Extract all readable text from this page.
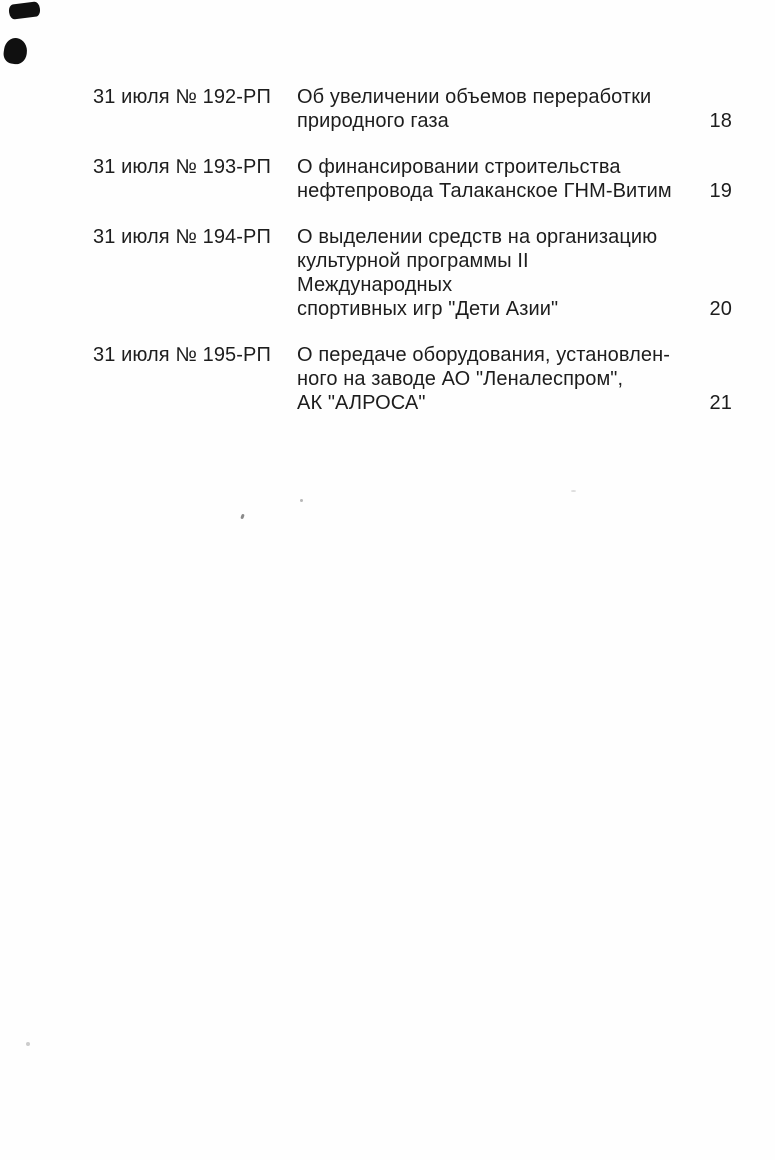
31 июля № 192-РП	Об увеличении объемов переработки
природного газа	18
31 июля № 193-РП	О финансировании строительства
нефтепровода Талаканское ГНМ-Витим	19
31 июля № 194-РП	О выделении средств на организацию
культурной программы II Международных
спортивных игр "Дети Азии"	20
31 июля № 195-РП	О передаче оборудования, установлен-
ного на заводе АО "Леналеспром",
АК "АЛРОСА"	21
